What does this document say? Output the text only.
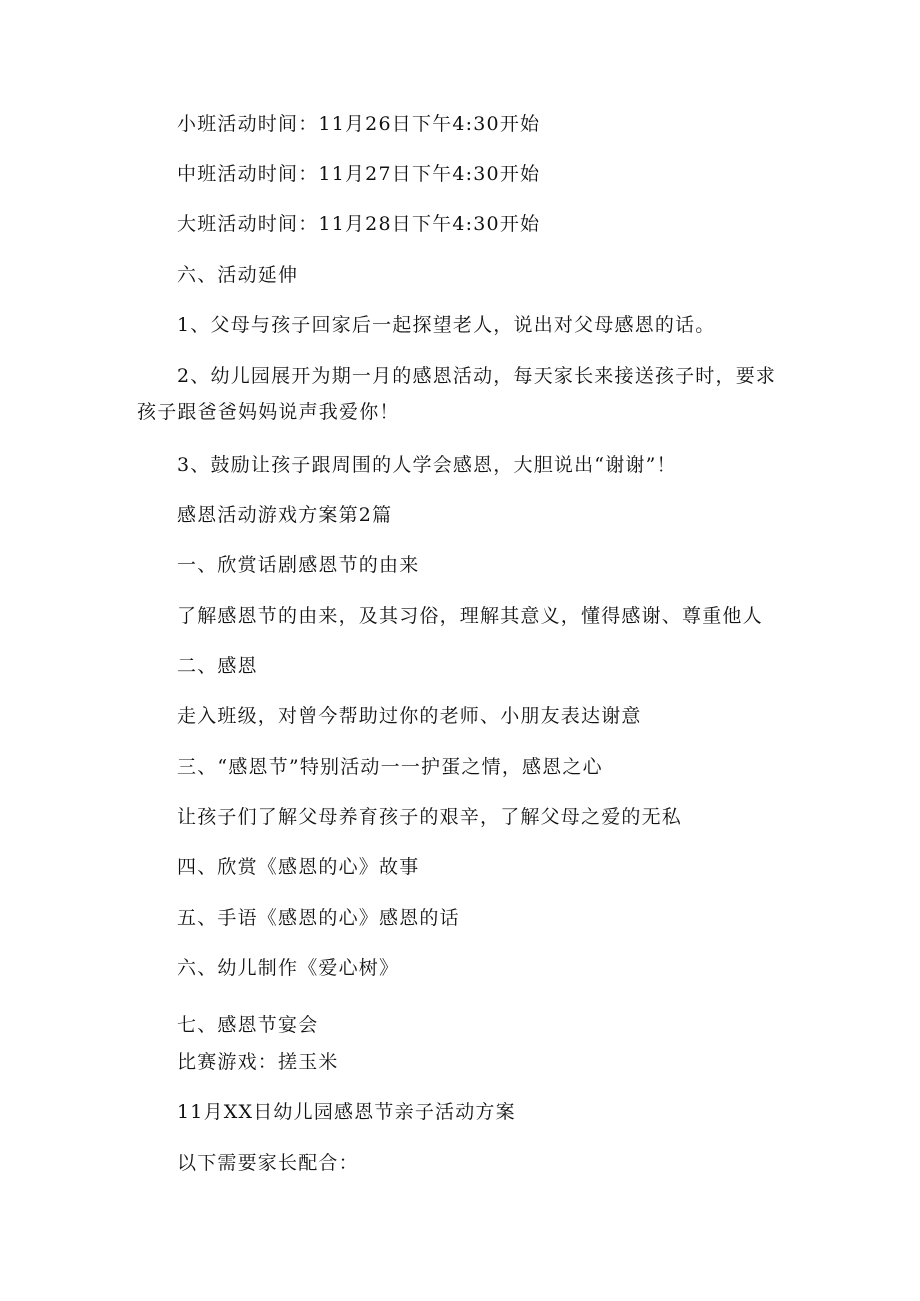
小班活动时间：11月26日下午4:30开始
中班活动时间：11月27日下午4:30开始
大班活动时间：11月28日下午4:30开始
六、活动延伸
1、父母与孩子回家后一起探望老人，说出对父母感恩的话。
2、幼儿园展开为期一月的感恩活动，每天家长来接送孩子时，要求
孩子跟爸爸妈妈说声我爱你！
3、鼓励让孩子跟周围的人学会感恩，大胆说出“谢谢”！
感恩活动游戏方案第2篇
一、欣赏话剧感恩节的由来
了解感恩节的由来，及其习俗，理解其意义，懂得感谢、尊重他人
二、感恩
走入班级，对曾今帮助过你的老师、小朋友表达谢意
三、“感恩节”特别活动一一护蛋之情，感恩之心
让孩子们了解父母养育孩子的艰辛，了解父母之爱的无私
四、欣赏《感恩的心》故事
五、手语《感恩的心》感恩的话
六、幼儿制作《爱心树》
七、感恩节宴会
比赛游戏：搓玉米
11月XX日幼儿园感恩节亲子活动方案
以下需要家长配合：
